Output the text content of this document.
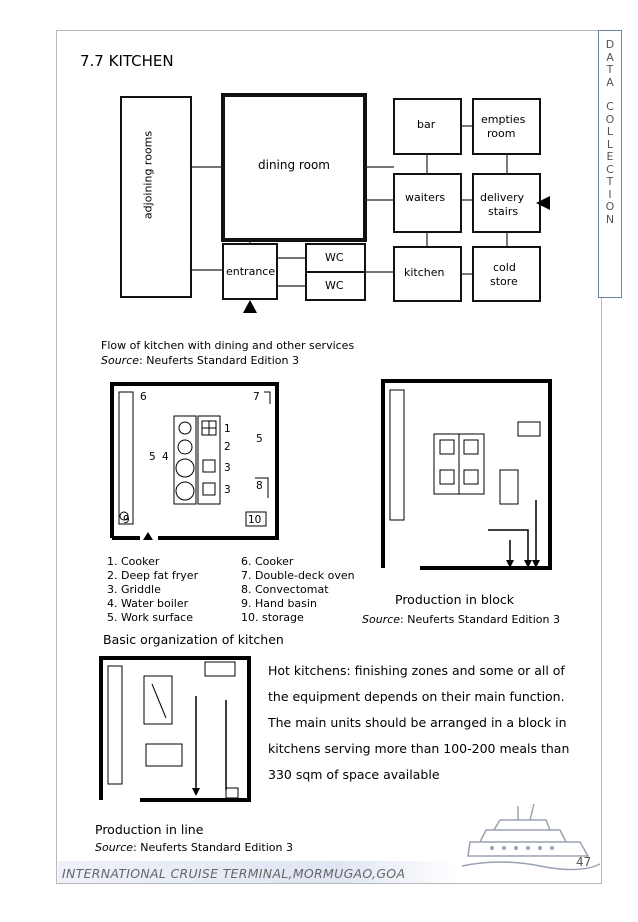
D
A
T
A
C
O
L
L
E
C
T
I
O
N
7.7 KITCHEN
adjoining rooms	dining room
bar	empties
room
waiters	delivery
stairs
entrance
WC
WC
kitchen	cold
store
Flow of kitchen with dining and other services
Source: Neuferts Standard Edition 3
6	7
5 4
1
2
3
3
5
8
9	10
1. Cooker
2. Deep fat fryer
3. Griddle
4. Water boiler
5. Work surface
6. Cooker
7. Double-deck oven
8. Convectomat
9. Hand basin
10. storage
Basic organization of kitchen
Production in block
Source: Neuferts Standard Edition 3
Production in line
Source: Neuferts Standard Edition 3
Hot kitchens: finishing zones and some or all of the equipment depends on their main function. The main units should be arranged in a block in kitchens serving more than 100-200 meals than 330 sqm of space available
INTERNATIONAL CRUISE TERMINAL,MORMUGAO,GOA
47
